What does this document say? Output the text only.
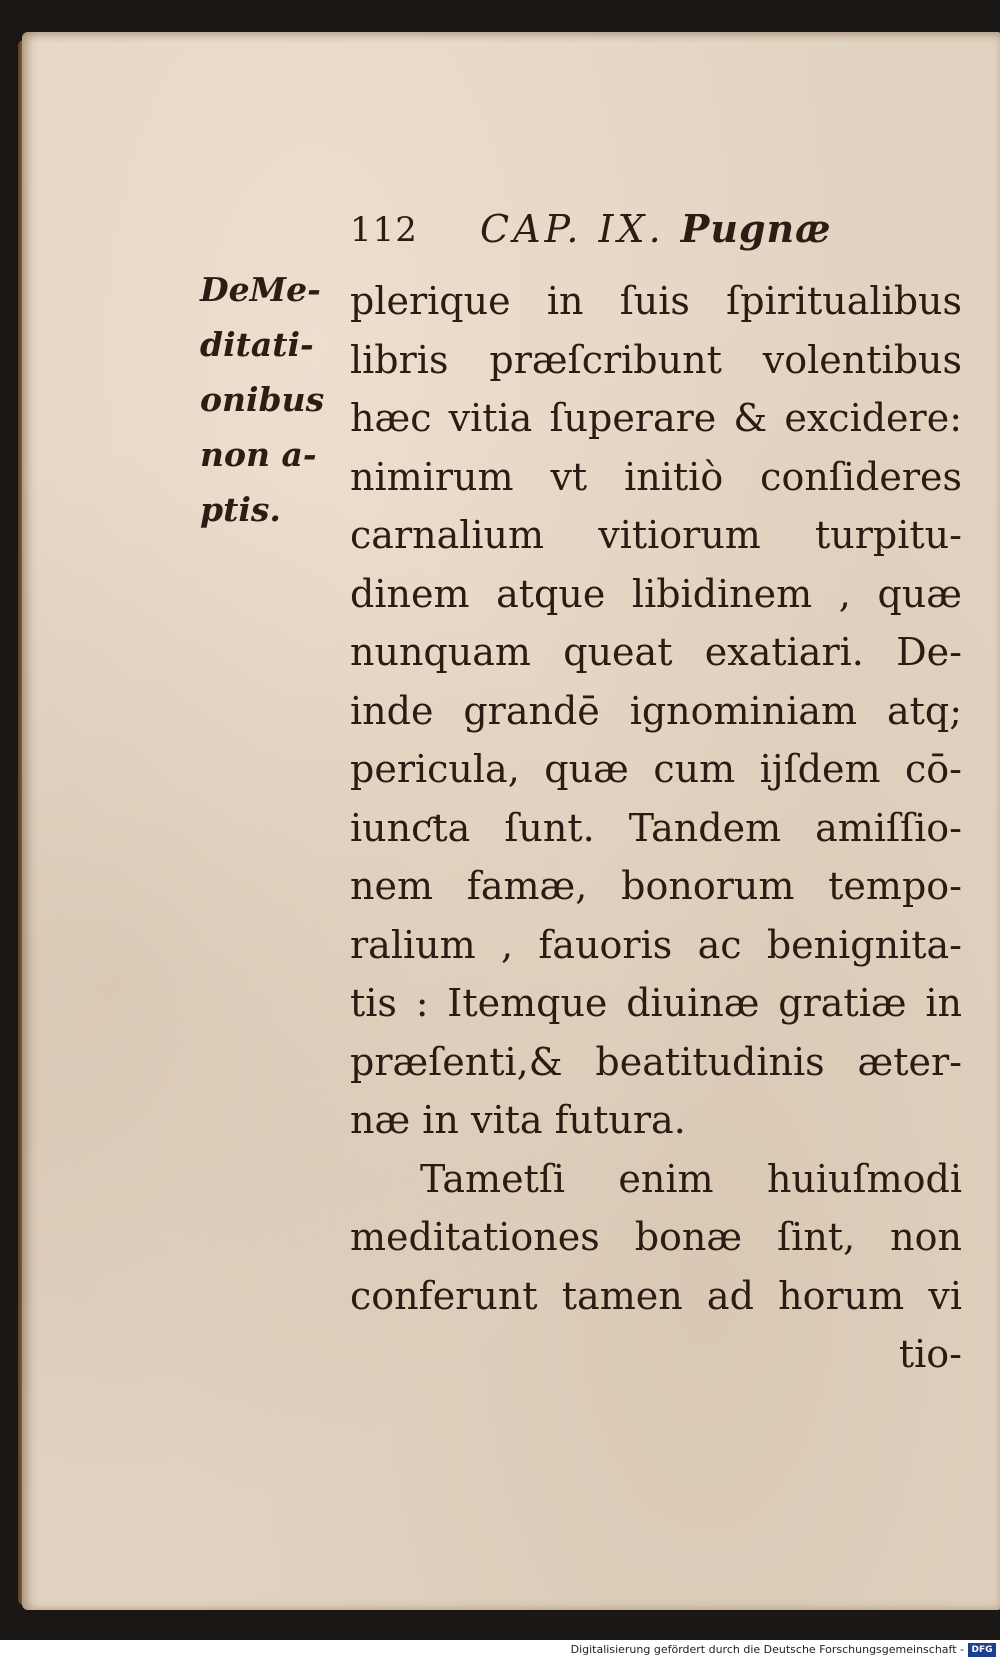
112 CAP. IX. Pugnæ
DeMe-
ditati-
onibus
non a-
ptis.
plerique in ſuis ſpiritualibus
libris præſcribunt volentibus
hæc vitia ſuperare & excidere:
nimirum vt initiò conſideres
carnalium vitiorum turpitu-
dinem atque libidinem , quæ
nunquam queat exatiari. De-
inde grandē ignominiam atq;
pericula, quæ cum ijſdem cō-
iunƈta ſunt. Tandem amiſſio-
nem famæ, bonorum tempo-
ralium , fauoris ac benignita-
tis : Itemque diuinæ gratiæ in
præſenti,& beatitudinis æter-
næ in vita futura.
Tametſi enim huiuſmodi
meditationes bonæ ſint, non
conferunt tamen ad horum vi
tio-
Digitalisierung gefördert durch die Deutsche Forschungsgemeinschaft - DFG
